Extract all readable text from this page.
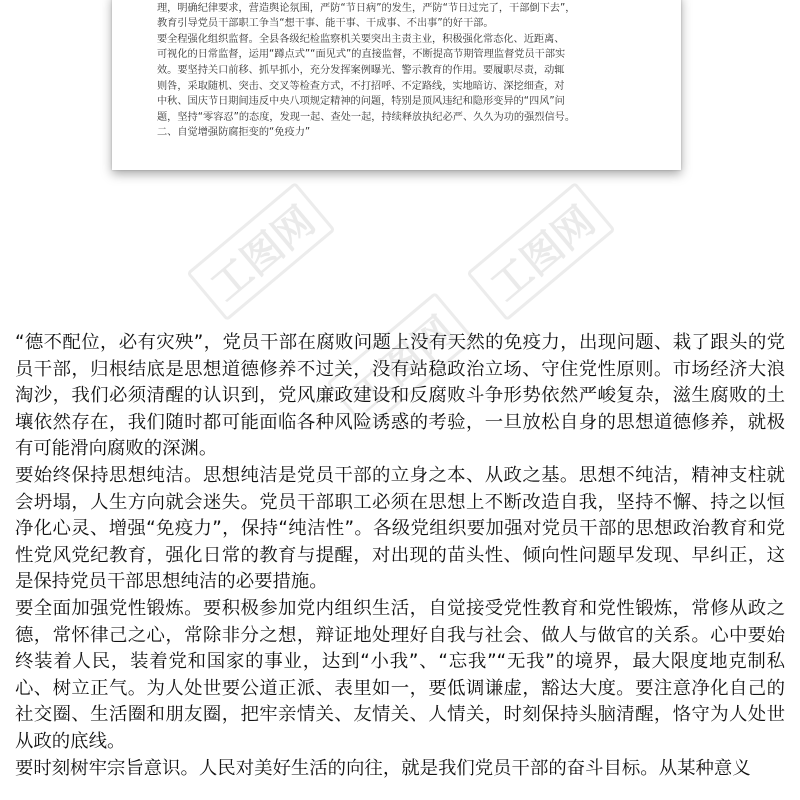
理，明确纪律要求，营造舆论氛围，严防“节日病”的发生，严防“节日过完了，干部倒下去”，

教育引导党员干部职工争当“想干事、能干事、干成事、不出事”的好干部。

要全程强化组织监督。全县各级纪检监察机关要突出主责主业，积极强化常态化、近距离、

可视化的日常监督，运用“蹲点式”“面见式”的直接监督，不断提高节期管理监督党员干部实

效。要坚持关口前移、抓早抓小，充分发挥案例曝光、警示教育的作用。要履职尽责，动辄

则咎，采取随机、突击、交叉等检查方式，不打招呼、不定路线，实地暗访、深挖细查，对

中秋、国庆节日期间违反中央八项规定精神的问题，特别是顶风违纪和隐形变异的“四风”问

题，坚持“零容忍”的态度，发现一起、查处一起，持续释放执纪必严、久久为功的强烈信号。

二、自觉增强防腐拒变的“免疫力”

工图网	工图网
工图网

“德不配位，必有灾殃”，党员干部在腐败问题上没有天然的免疫力，出现问题、栽了跟头的党员干部，归根结底是思想道德修养不过关，没有站稳政治立场、守住党性原则。市场经济大浪淘沙，我们必须清醒的认识到，党风廉政建设和反腐败斗争形势依然严峻复杂，滋生腐败的土壤依然存在，我们随时都可能面临各种风险诱惑的考验，一旦放松自身的思想道德修养，就极有可能滑向腐败的深渊。

要始终保持思想纯洁。思想纯洁是党员干部的立身之本、从政之基。思想不纯洁，精神支柱就会坍塌，人生方向就会迷失。党员干部职工必须在思想上不断改造自我，坚持不懈、持之以恒净化心灵、增强“免疫力”，保持“纯洁性”。各级党组织要加强对党员干部的思想政治教育和党性党风党纪教育，强化日常的教育与提醒，对出现的苗头性、倾向性问题早发现、早纠正，这是保持党员干部思想纯洁的必要措施。

要全面加强党性锻炼。要积极参加党内组织生活，自觉接受党性教育和党性锻炼，常修从政之德，常怀律己之心，常除非分之想，辩证地处理好自我与社会、做人与做官的关系。心中要始终装着人民，装着党和国家的事业，达到“小我”、“忘我”“无我”的境界，最大限度地克制私心、树立正气。为人处世要公道正派、表里如一，要低调谦虚，豁达大度。要注意净化自己的社交圈、生活圈和朋友圈，把牢亲情关、友情关、人情关，时刻保持头脑清醒，恪守为人处世从政的底线。

要时刻树牢宗旨意识。人民对美好生活的向往，就是我们党员干部的奋斗目标。从某种意义
